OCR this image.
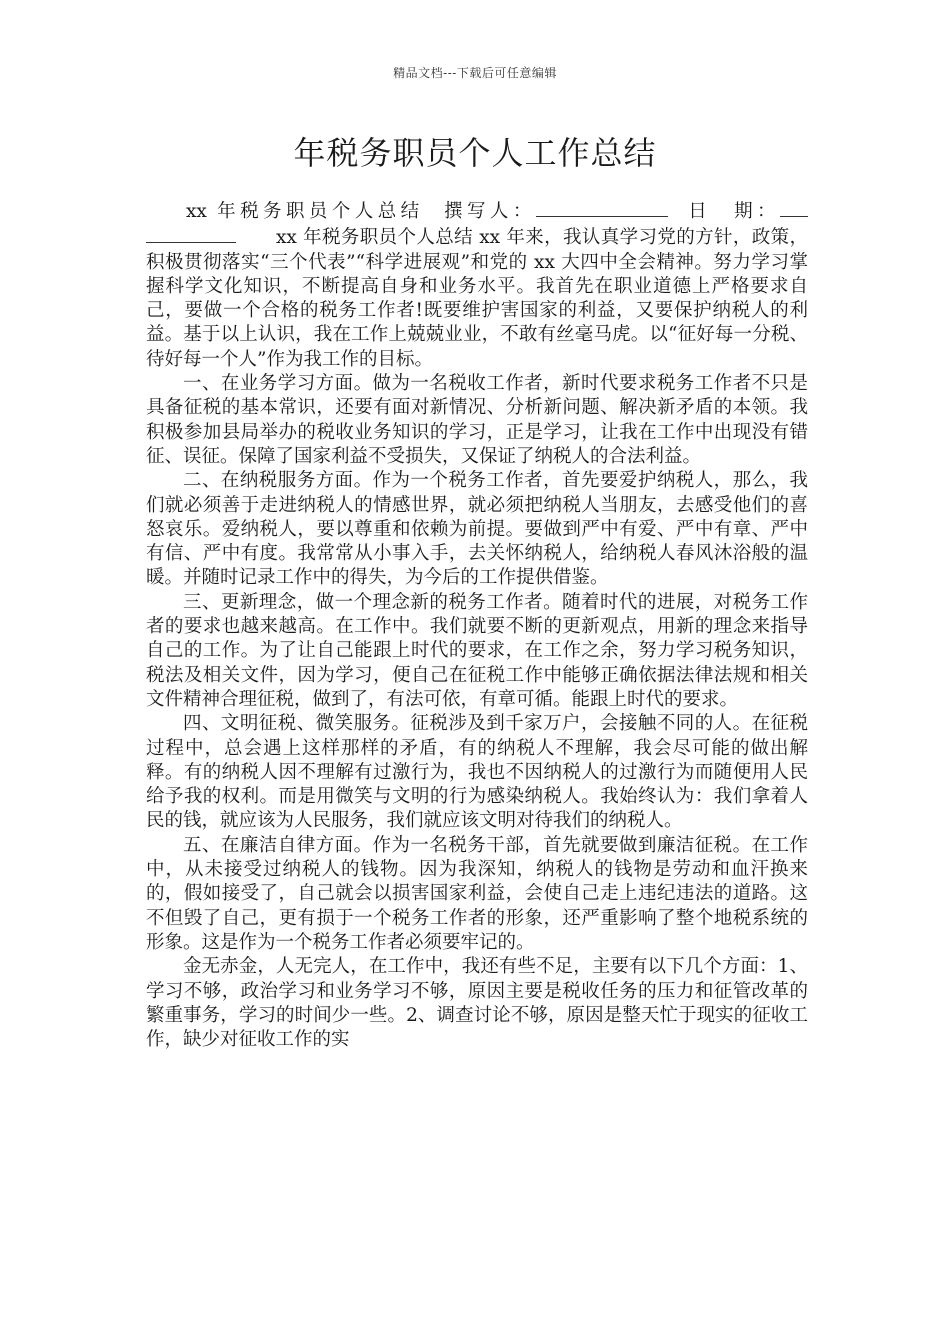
精品文档---下载后可任意编辑
年税务职员个人工作总结

xx 年税务职员个人总结 撰写人：	日　期：xx 年税务职员个人总结 xx 年来，我认真学习党的方针，政策，积极贯彻落实“三个代表”“科学进展观”和党的 xx 大四中全会精神。努力学习掌握科学文化知识，不断提高自身和业务水平。我首先在职业道德上严格要求自己，要做一个合格的税务工作者!既要维护害国家的利益，又要保护纳税人的利益。基于以上认识，我在工作上兢兢业业，不敢有丝毫马虎。以“征好每一分税、待好每一个人”作为我工作的目标。

一、在业务学习方面。做为一名税收工作者，新时代要求税务工作者不只是具备征税的基本常识，还要有面对新情况、分析新问题、解决新矛盾的本领。我积极参加县局举办的税收业务知识的学习，正是学习，让我在工作中出现没有错征、误征。保障了国家利益不受损失，又保证了纳税人的合法利益。

二、在纳税服务方面。作为一个税务工作者，首先要爱护纳税人，那么，我们就必须善于走进纳税人的情感世界，就必须把纳税人当朋友，去感受他们的喜怒哀乐。爱纳税人，要以尊重和依赖为前提。要做到严中有爱、严中有章、严中有信、严中有度。我常常从小事入手，去关怀纳税人，给纳税人春风沐浴般的温暖。并随时记录工作中的得失，为今后的工作提供借鉴。

三、更新理念，做一个理念新的税务工作者。随着时代的进展，对税务工作者的要求也越来越高。在工作中。我们就要不断的更新观点，用新的理念来指导自己的工作。为了让自己能跟上时代的要求，在工作之余，努力学习税务知识，税法及相关文件，因为学习，便自己在征税工作中能够正确依据法律法规和相关文件精神合理征税，做到了，有法可依，有章可循。能跟上时代的要求。

四、文明征税、微笑服务。征税涉及到千家万户，会接触不同的人。在征税过程中，总会遇上这样那样的矛盾，有的纳税人不理解，我会尽可能的做出解释。有的纳税人因不理解有过激行为，我也不因纳税人的过激行为而随便用人民给予我的权利。而是用微笑与文明的行为感染纳税人。我始终认为：我们拿着人民的钱，就应该为人民服务，我们就应该文明对待我们的纳税人。

五、在廉洁自律方面。作为一名税务干部，首先就要做到廉洁征税。在工作中，从未接受过纳税人的钱物。因为我深知，纳税人的钱物是劳动和血汗换来的，假如接受了，自己就会以损害国家利益，会使自己走上违纪违法的道路。这不但毁了自己，更有损于一个税务工作者的形象，还严重影响了整个地税系统的形象。这是作为一个税务工作者必须要牢记的。

金无赤金，人无完人，在工作中，我还有些不足，主要有以下几个方面：1、学习不够，政治学习和业务学习不够，原因主要是税收任务的压力和征管改革的繁重事务，学习的时间少一些。2、调查讨论不够，原因是整天忙于现实的征收工作，缺少对征收工作的实
